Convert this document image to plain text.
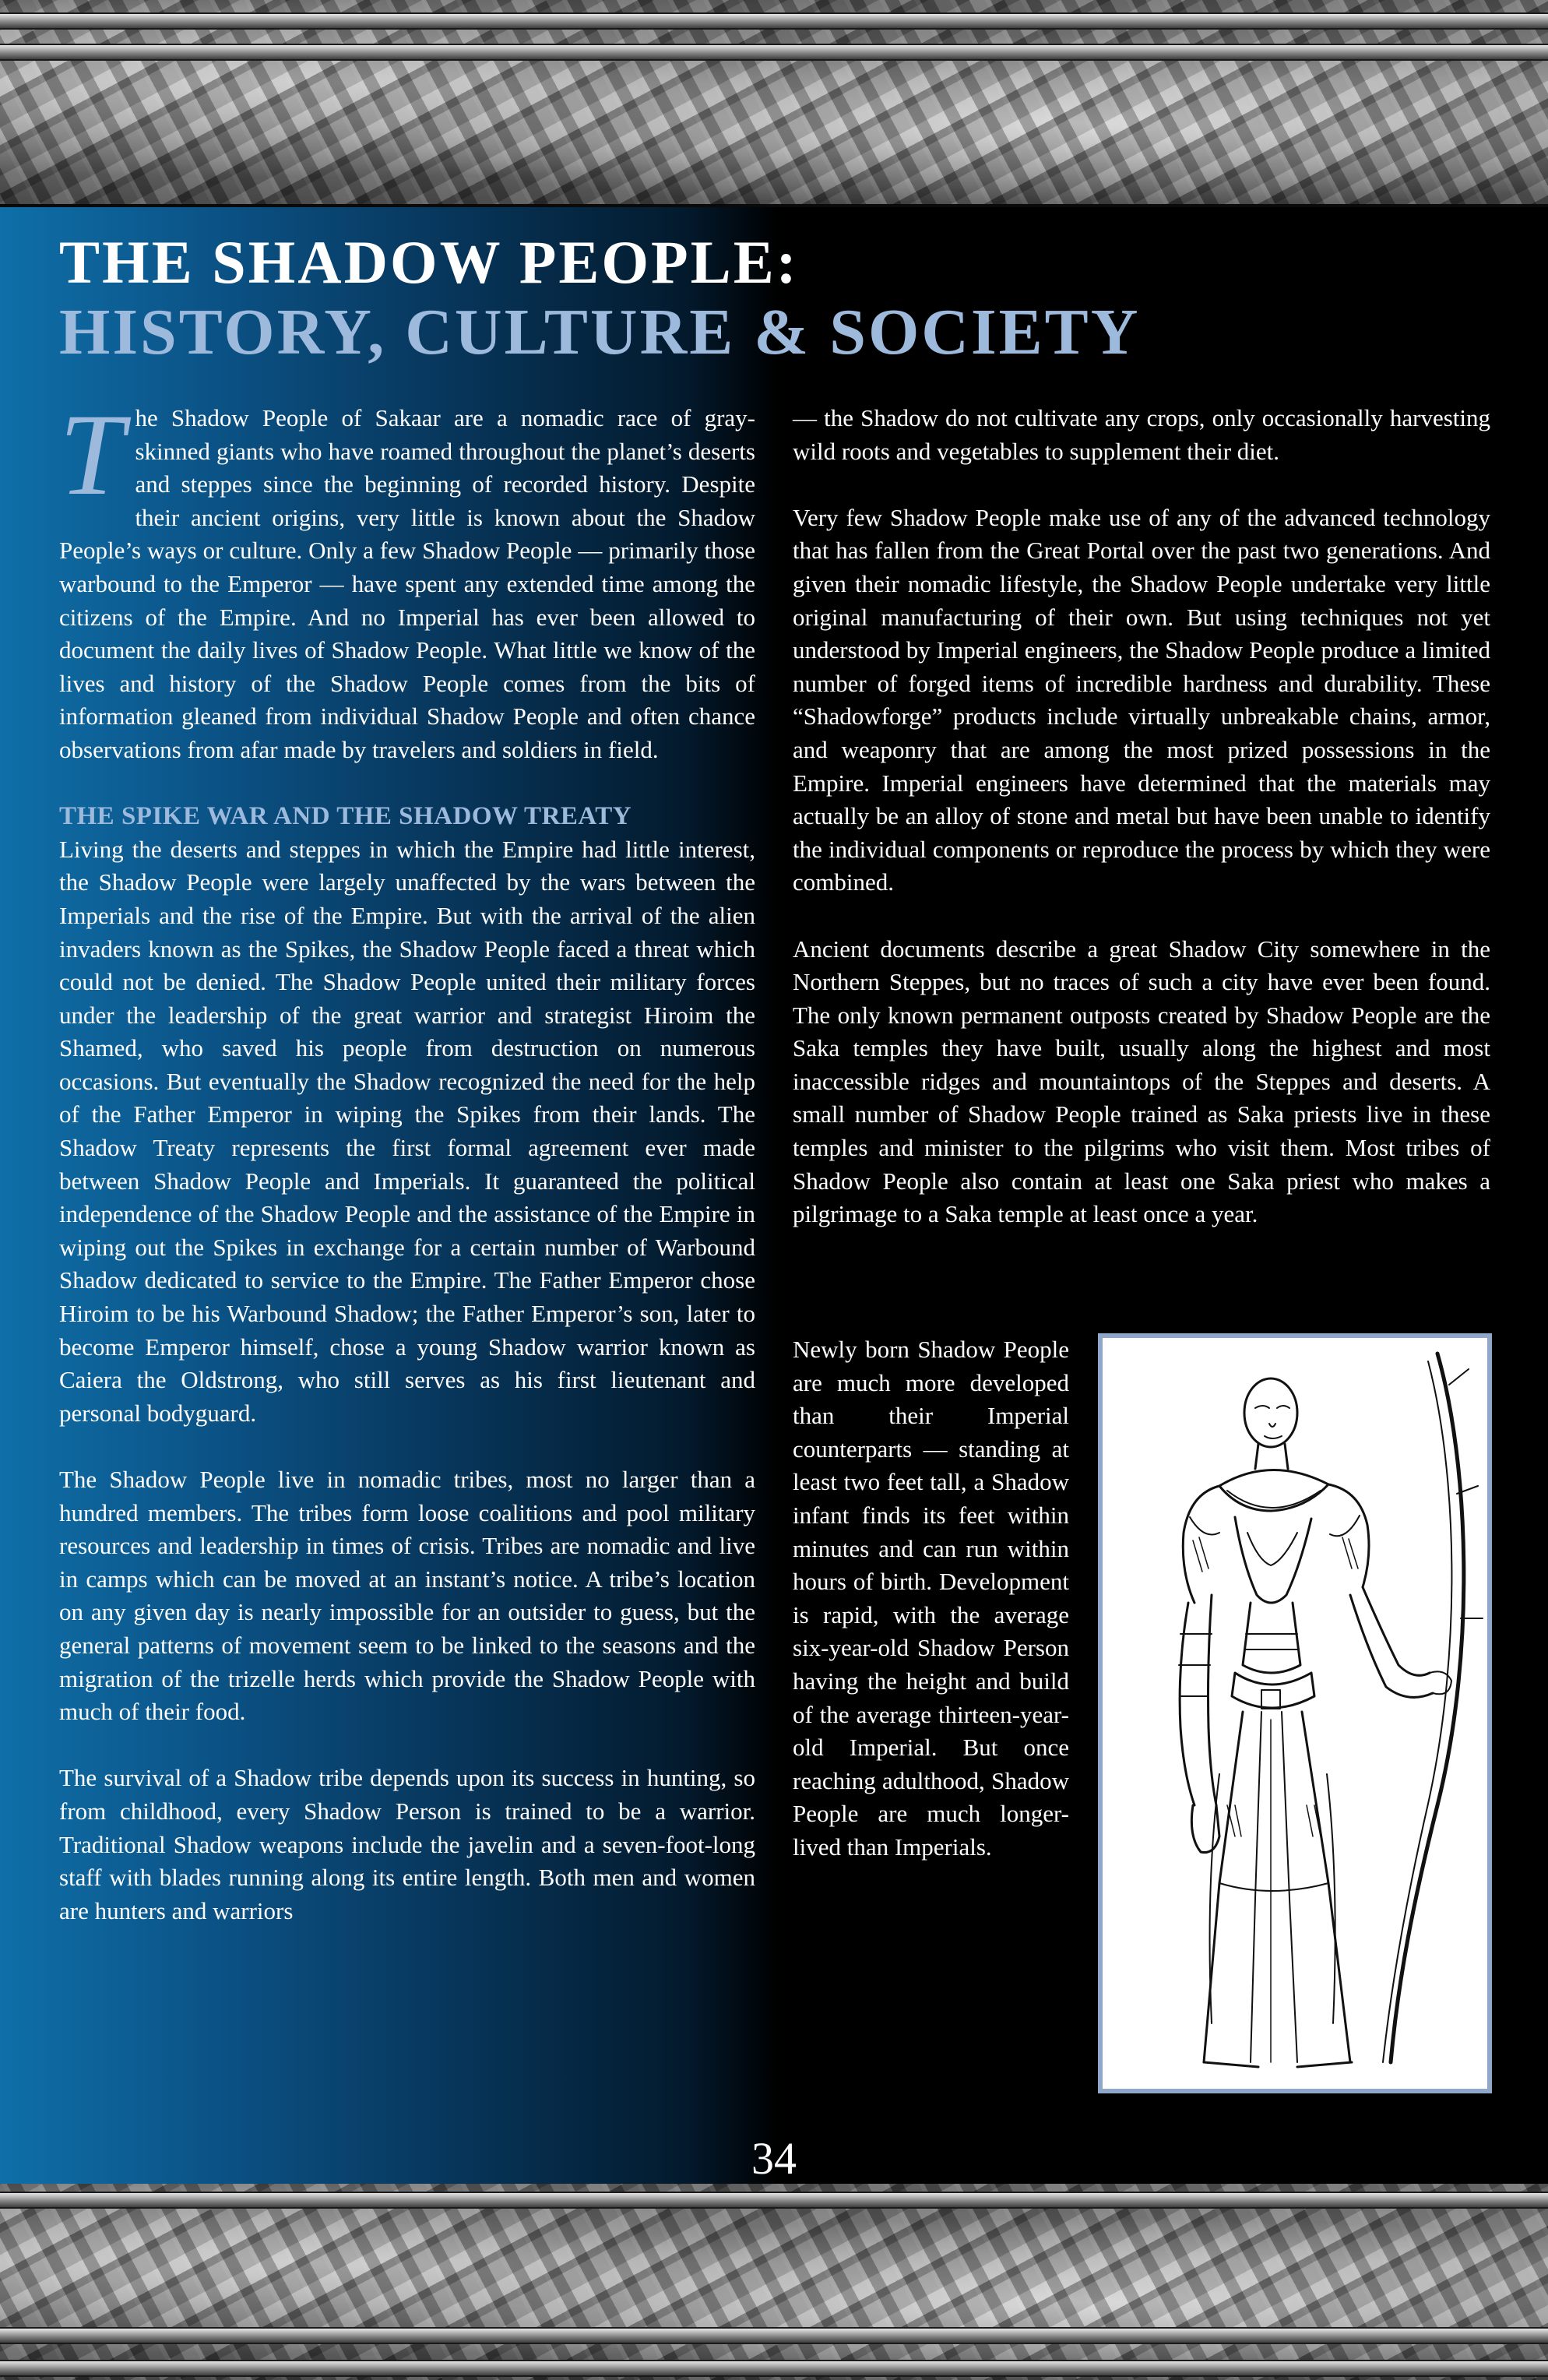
THE SHADOW PEOPLE:
HISTORY, CULTURE & SOCIETY

The Shadow People of Sakaar are a nomadic race of gray-skinned giants who have roamed throughout the planet’s deserts and steppes since the beginning of recorded history. Despite their ancient origins, very little is known about the Shadow People’s ways or culture. Only a few Shadow People — primarily those warbound to the Emperor — have spent any extended time among the citizens of the Empire. And no Imperial has ever been allowed to document the daily lives of Shadow People. What little we know of the lives and history of the Shadow People comes from the bits of information gleaned from individual Shadow People and often chance observations from afar made by travelers and soldiers in field.

THE SPIKE WAR AND THE SHADOW TREATY

Living the deserts and steppes in which the Empire had little interest, the Shadow People were largely unaffected by the wars between the Imperials and the rise of the Empire. But with the arrival of the alien invaders known as the Spikes, the Shadow People faced a threat which could not be denied. The Shadow People united their military forces under the leadership of the great warrior and strategist Hiroim the Shamed, who saved his people from destruction on numerous occasions. But eventually the Shadow recognized the need for the help of the Father Emperor in wiping the Spikes from their lands. The Shadow Treaty represents the first formal agreement ever made between Shadow People and Imperials. It guaranteed the political independence of the Shadow People and the assistance of the Empire in wiping out the Spikes in exchange for a certain number of Warbound Shadow dedicated to service to the Empire. The Father Emperor chose Hiroim to be his Warbound Shadow; the Father Emperor’s son, later to become Emperor himself, chose a young Shadow warrior known as Caiera the Oldstrong, who still serves as his first lieutenant and personal bodyguard.

The Shadow People live in nomadic tribes, most no larger than a hundred members. The tribes form loose coalitions and pool military resources and leadership in times of crisis. Tribes are nomadic and live in camps which can be moved at an instant’s notice. A tribe’s location on any given day is nearly impossible for an outsider to guess, but the general patterns of movement seem to be linked to the seasons and the migration of the trizelle herds which provide the Shadow People with much of their food.

The survival of a Shadow tribe depends upon its success in hunting, so from childhood, every Shadow Person is trained to be a warrior. Traditional Shadow weapons include the javelin and a seven-foot-long staff with blades running along its entire length. Both men and women are hunters and warriors

— the Shadow do not cultivate any crops, only occasionally harvesting wild roots and vegetables to supplement their diet.

Very few Shadow People make use of any of the advanced technology that has fallen from the Great Portal over the past two generations. And given their nomadic lifestyle, the Shadow People undertake very little original manufacturing of their own. But using techniques not yet understood by Imperial engineers, the Shadow People produce a limited number of forged items of incredible hardness and durability. These “Shadowforge” products include virtually unbreakable chains, armor, and weaponry that are among the most prized possessions in the Empire. Imperial engineers have determined that the materials may actually be an alloy of stone and metal but have been unable to identify the individual components or reproduce the process by which they were combined.

Ancient documents describe a great Shadow City somewhere in the Northern Steppes, but no traces of such a city have ever been found. The only known permanent outposts created by Shadow People are the Saka temples they have built, usually along the highest and most inaccessible ridges and mountaintops of the Steppes and deserts. A small number of Shadow People trained as Saka priests live in these temples and minister to the pilgrims who visit them. Most tribes of Shadow People also contain at least one Saka priest who makes a pilgrimage to a Saka temple at least once a year.

Newly born Shadow People are much more developed than their Imperial counterparts — standing at least two feet tall, a Shadow infant finds its feet within minutes and can run within hours of birth. Development is rapid, with the average six-year-old Shadow Person having the height and build of the average thirteen-year-old Imperial. But once reaching adulthood, Shadow People are much longer-lived than Imperials.

34
